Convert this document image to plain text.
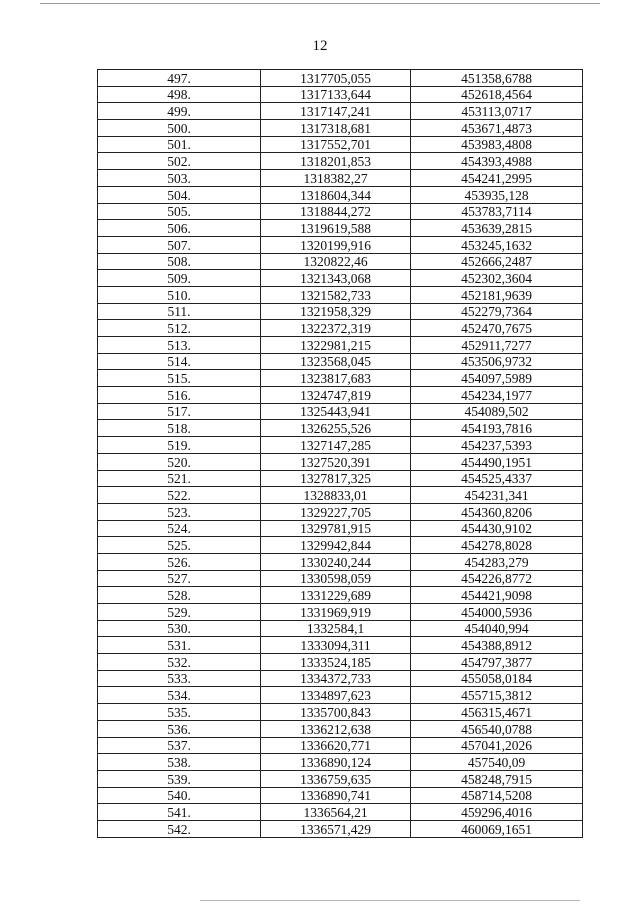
12
497.	1317705,055	451358,6788
498.	1317133,644	452618,4564
499.	1317147,241	453113,0717
500.	1317318,681	453671,4873
501.	1317552,701	453983,4808
502.	1318201,853	454393,4988
503.	1318382,27	454241,2995
504.	1318604,344	453935,128
505.	1318844,272	453783,7114
506.	1319619,588	453639,2815
507.	1320199,916	453245,1632
508.	1320822,46	452666,2487
509.	1321343,068	452302,3604
510.	1321582,733	452181,9639
511.	1321958,329	452279,7364
512.	1322372,319	452470,7675
513.	1322981,215	452911,7277
514.	1323568,045	453506,9732
515.	1323817,683	454097,5989
516.	1324747,819	454234,1977
517.	1325443,941	454089,502
518.	1326255,526	454193,7816
519.	1327147,285	454237,5393
520.	1327520,391	454490,1951
521.	1327817,325	454525,4337
522.	1328833,01	454231,341
523.	1329227,705	454360,8206
524.	1329781,915	454430,9102
525.	1329942,844	454278,8028
526.	1330240,244	454283,279
527.	1330598,059	454226,8772
528.	1331229,689	454421,9098
529.	1331969,919	454000,5936
530.	1332584,1	454040,994
531.	1333094,311	454388,8912
532.	1333524,185	454797,3877
533.	1334372,733	455058,0184
534.	1334897,623	455715,3812
535.	1335700,843	456315,4671
536.	1336212,638	456540,0788
537.	1336620,771	457041,2026
538.	1336890,124	457540,09
539.	1336759,635	458248,7915
540.	1336890,741	458714,5208
541.	1336564,21	459296,4016
542.	1336571,429	460069,1651
